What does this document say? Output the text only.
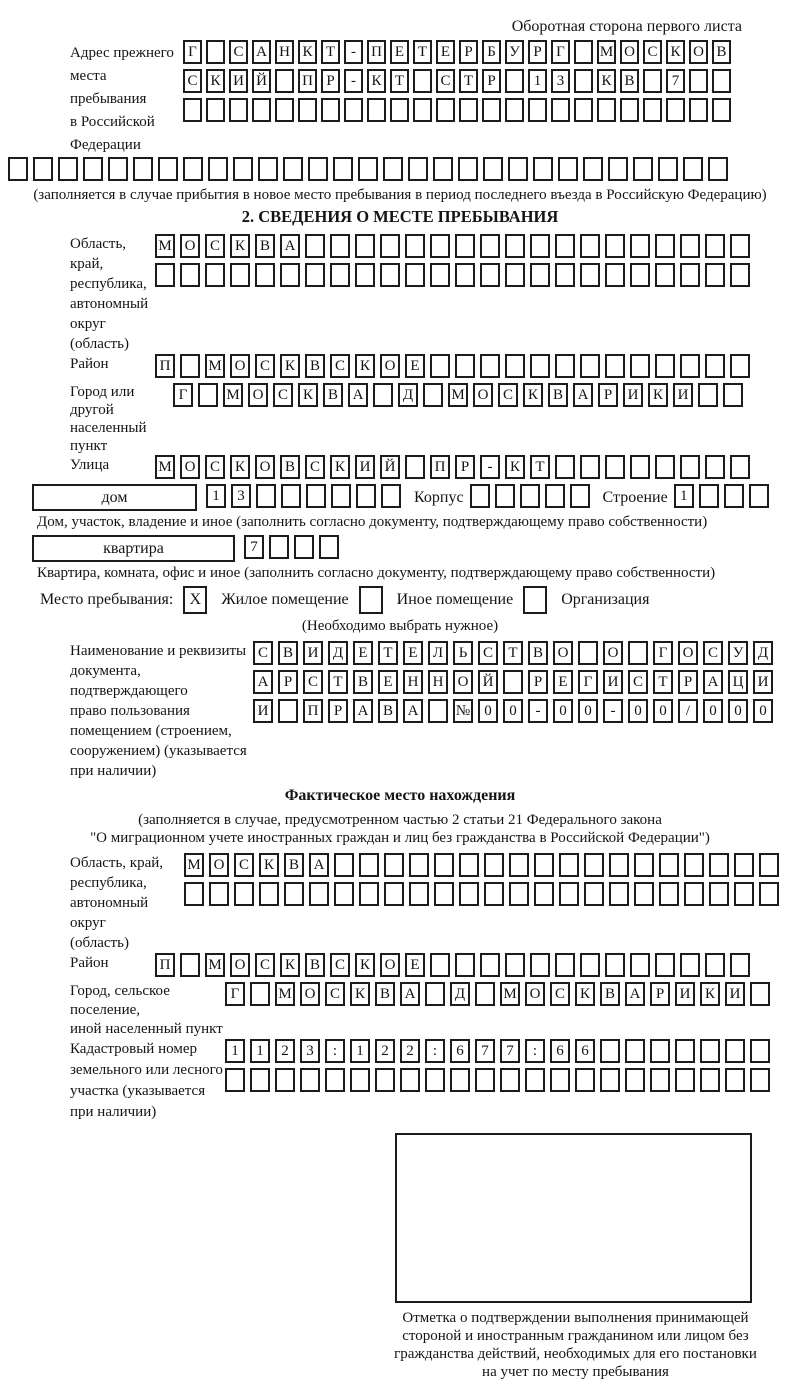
Оборотная сторона первого листа
Адрес прежнего
места пребывания
в Российской
Федерации
Г С А Н К Т - П Е Т Е Р Б У Р Г М О С К О В
С К И Й П Р - К Т С Т Р	1 3 К В 7
(заполняется в случае прибытия в новое место пребывания в период последнего въезда в Российскую Федерацию)
2. СВЕДЕНИЯ О МЕСТЕ ПРЕБЫВАНИЯ
Область, край,
республика,
автономный
округ (область)
М О С К В А
Район	П	М О С К В С К О Е
Город или другой
населенный пункт
Г	М О С К В А	Д	М О С К В А Р И К И
Улица	М О С К О В С К И Й	П Р - К Т
дом	1 3	Корпус	Строение 1
Дом, участок, владение и иное (заполнить согласно документу, подтверждающему право собственности)
квартира	7
Квартира, комната, офис и иное (заполнить согласно документу, подтверждающему право собственности)
Место пребывания: X Жилое помещение	Иное помещение	Организация
(Необходимо выбрать нужное)
Наименование и реквизиты
документа, подтверждающего
право пользования
помещением (строением,
сооружением) (указывается
при наличии)
С В И Д Е Т Е Л Ь С Т В О	О	Г О С У Д
А Р С Т В Е Н Н О Й	Р Е Г И С Т Р А Ц И
И	П Р А В А № 0 0 - 0 0 - 0 0 / 0 0 0
Фактическое место нахождения
(заполняется в случае, предусмотренном частью 2 статьи 21 Федерального закона
"О миграционном учете иностранных граждан и лиц без гражданства в Российской Федерации")
Область, край,
республика,
автономный округ
(область)
М О С К В А
Район	П	М О С К В С К О Е
Город, сельское поселение,
иной населенный пункт
Г	М О С К В А	Д	М О С К В А Р И К И
Кадастровый номер
земельного или лесного
участка (указывается
при наличии)
1 1 2 3 : 1 2 2 : 6 7 7 : 6 6
Отметка о подтверждении выполнения принимающей
стороной и иностранным гражданином или лицом без
гражданства действий, необходимых для его постановки
на учет по месту пребывания
